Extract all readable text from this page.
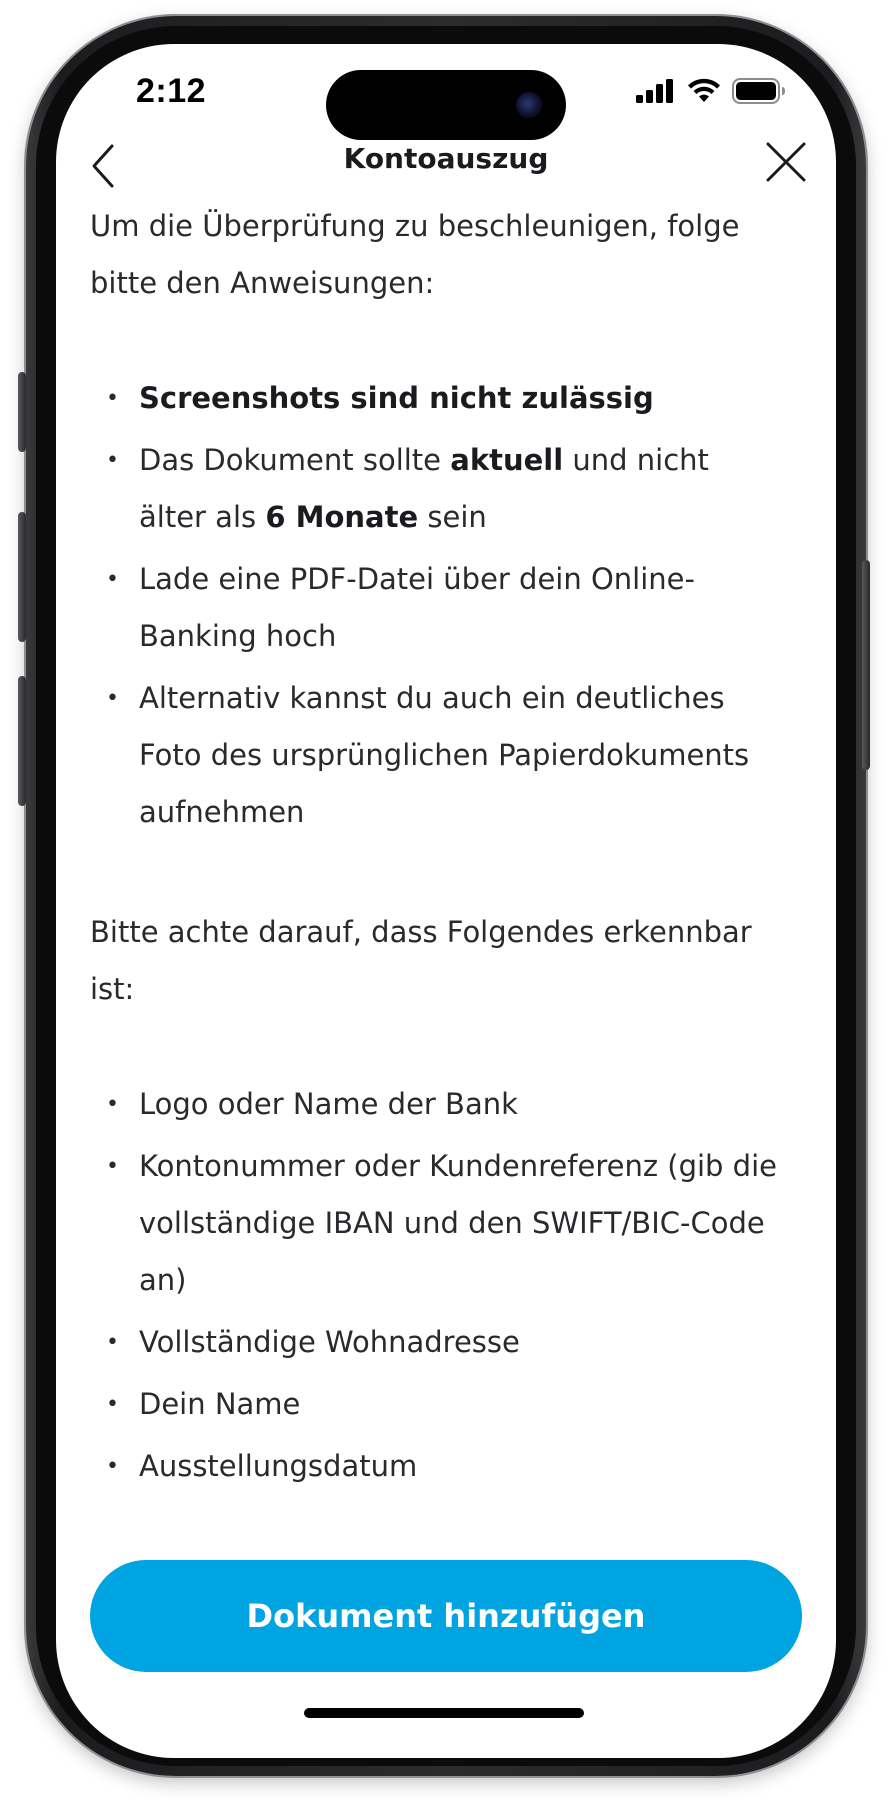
2:12
Kontoauszug

Um die Überprüfung zu beschleunigen, folge bitte den Anweisungen:

• Screenshots sind nicht zulässig
• Das Dokument sollte aktuell und nicht älter als 6 Monate sein
• Lade eine PDF-Datei über dein Online-Banking hoch
• Alternativ kannst du auch ein deutliches Foto des ursprünglichen Papierdokuments aufnehmen

Bitte achte darauf, dass Folgendes erkennbar ist:

• Logo oder Name der Bank
• Kontonummer oder Kundenreferenz (gib die vollständige IBAN und den SWIFT/BIC-Code an)
• Vollständige Wohnadresse
• Dein Name
• Ausstellungsdatum
Dokument hinzufügen
